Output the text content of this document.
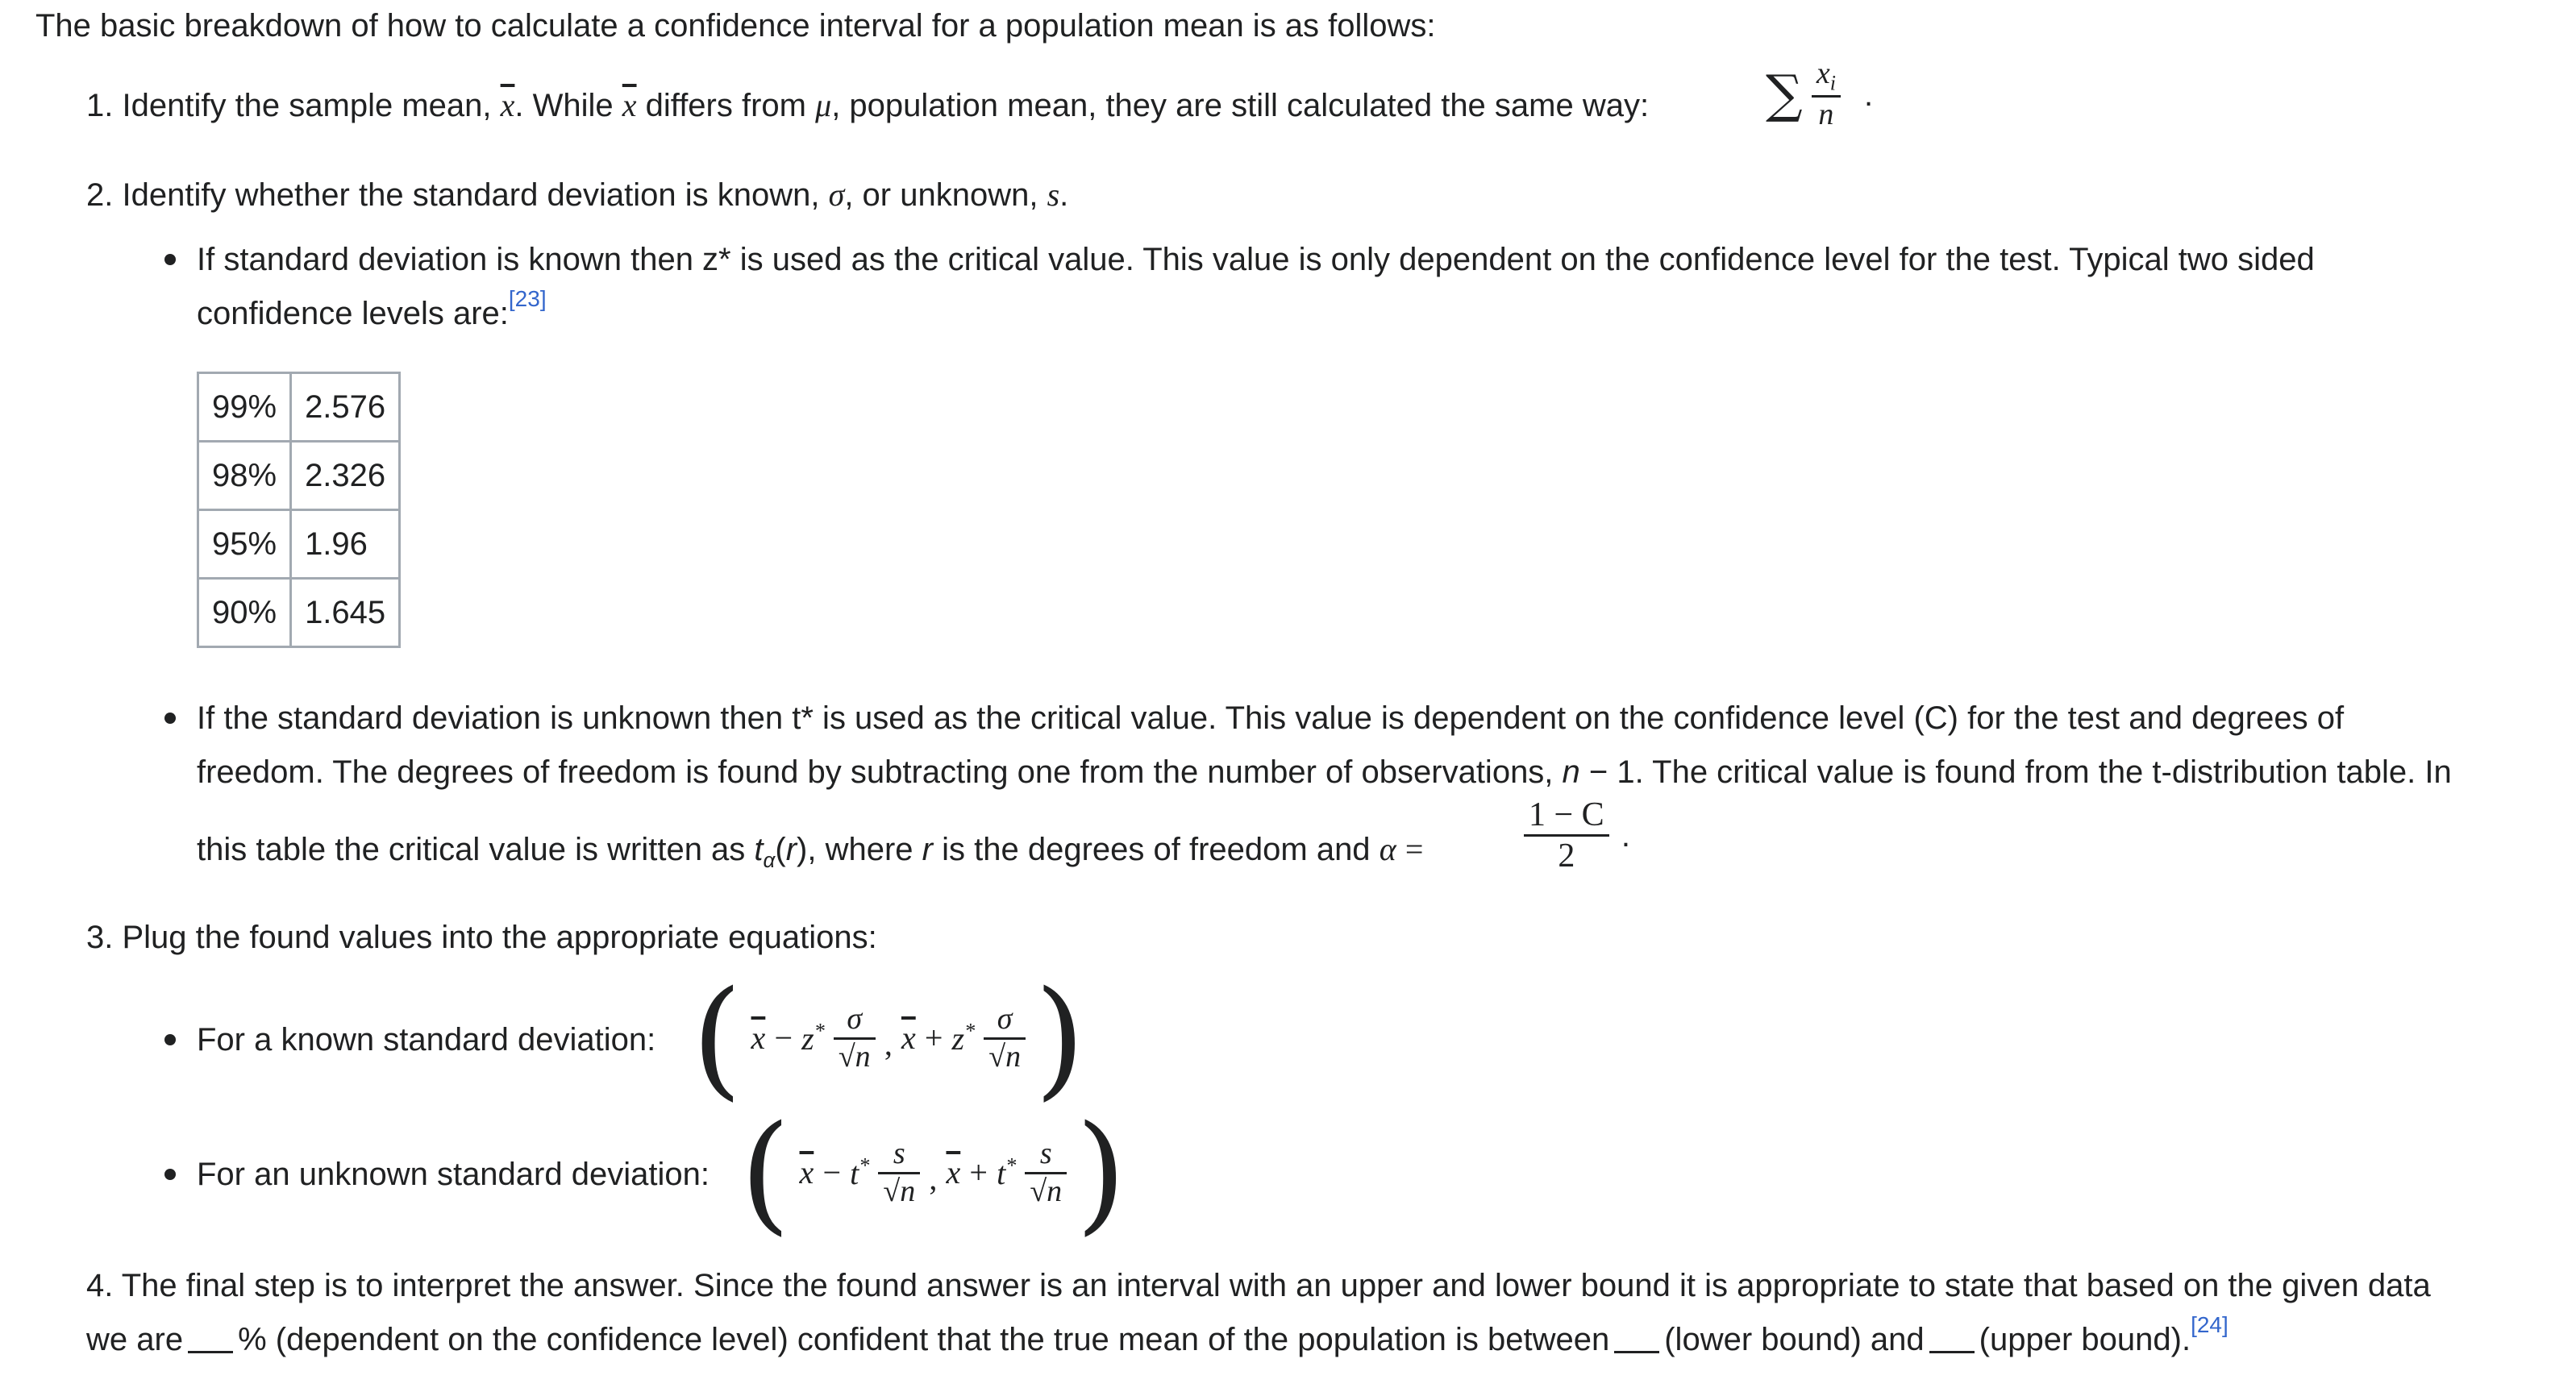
The basic breakdown of how to calculate a confidence interval for a population mean is as follows:
1. Identify the sample mean, $\overline{x}$. While $\overline{x}$ differs from μ, population mean, they are still calculated the same way: ∑ $\frac{x_i}{n}$ .
2. Identify whether the standard deviation is known, σ, or unknown, s.
If standard deviation is known then z* is used as the critical value. This value is only dependent on the confidence level for the test. Typical two sided
confidence levels are:[23]
99%	2.576
98%	2.326
95%	1.96
90%	1.645
If the standard deviation is unknown then t* is used as the critical value. This value is dependent on the confidence level (C) for the test and degrees of
freedom. The degrees of freedom is found by subtracting one from the number of observations, n − 1. The critical value is found from the t-distribution table. In
this table the critical value is written as $t_\alpha(r)$, where r is the degrees of freedom and α =	$\frac{1 - C}{2}$ .
3. Plug the found values into the appropriate equations:
For a known standard deviation: ( $\overline{x} - z^* \frac{\sigma}{√n}$ , $\overline{x} + z^* \frac{\sigma}{√n}$ )
For an unknown standard deviation: ( $\overline{x} - t^* \frac{s}{√n}$ , $\overline{x} + t^* \frac{s}{√n}$ )
4. The final step is to interpret the answer. Since the found answer is an interval with an upper and lower bound it is appropriate to state that based on the given data
we are % (dependent on the confidence level) confident that the true mean of the population is between (lower bound) and (upper bound).[24]
